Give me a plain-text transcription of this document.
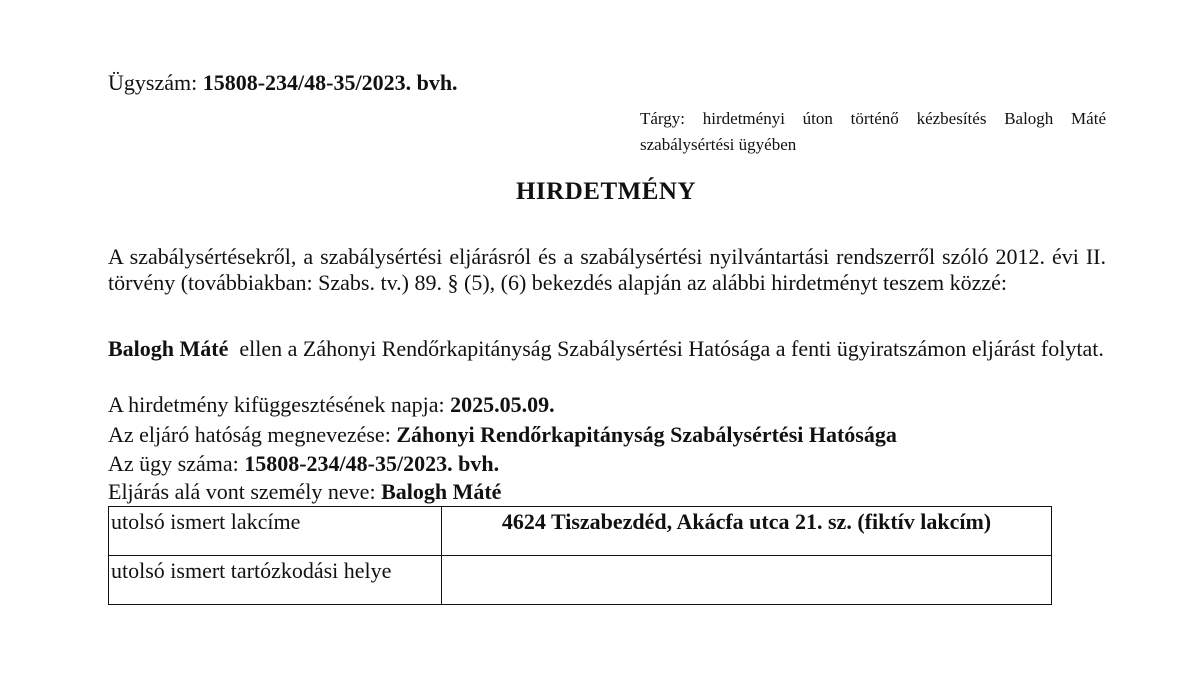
Ügyszám: 15808-234/48-35/2023. bvh.
Tárgy: hirdetményi úton történő kézbesítés Balogh Máté szabálysértési ügyében
HIRDETMÉNY
A szabálysértésekről, a szabálysértési eljárásról és a szabálysértési nyilvántartási rendszerről szóló 2012. évi II. törvény (továbbiakban: Szabs. tv.) 89. § (5), (6) bekezdés alapján az alábbi hirdetményt teszem közzé:
Balogh Máté ellen a Záhonyi Rendőrkapitányság Szabálysértési Hatósága a fenti ügyiratszámon eljárást folytat.
A hirdetmény kifüggesztésének napja: 2025.05.09.
Az eljáró hatóság megnevezése: Záhonyi Rendőrkapitányság Szabálysértési Hatósága
Az ügy száma: 15808-234/48-35/2023. bvh.
Eljárás alá vont személy neve: Balogh Máté
utolsó ismert lakcíme	4624 Tiszabezdéd, Akácfa utca 21. sz. (fiktív lakcím)
utolsó ismert tartózkodási helye	
